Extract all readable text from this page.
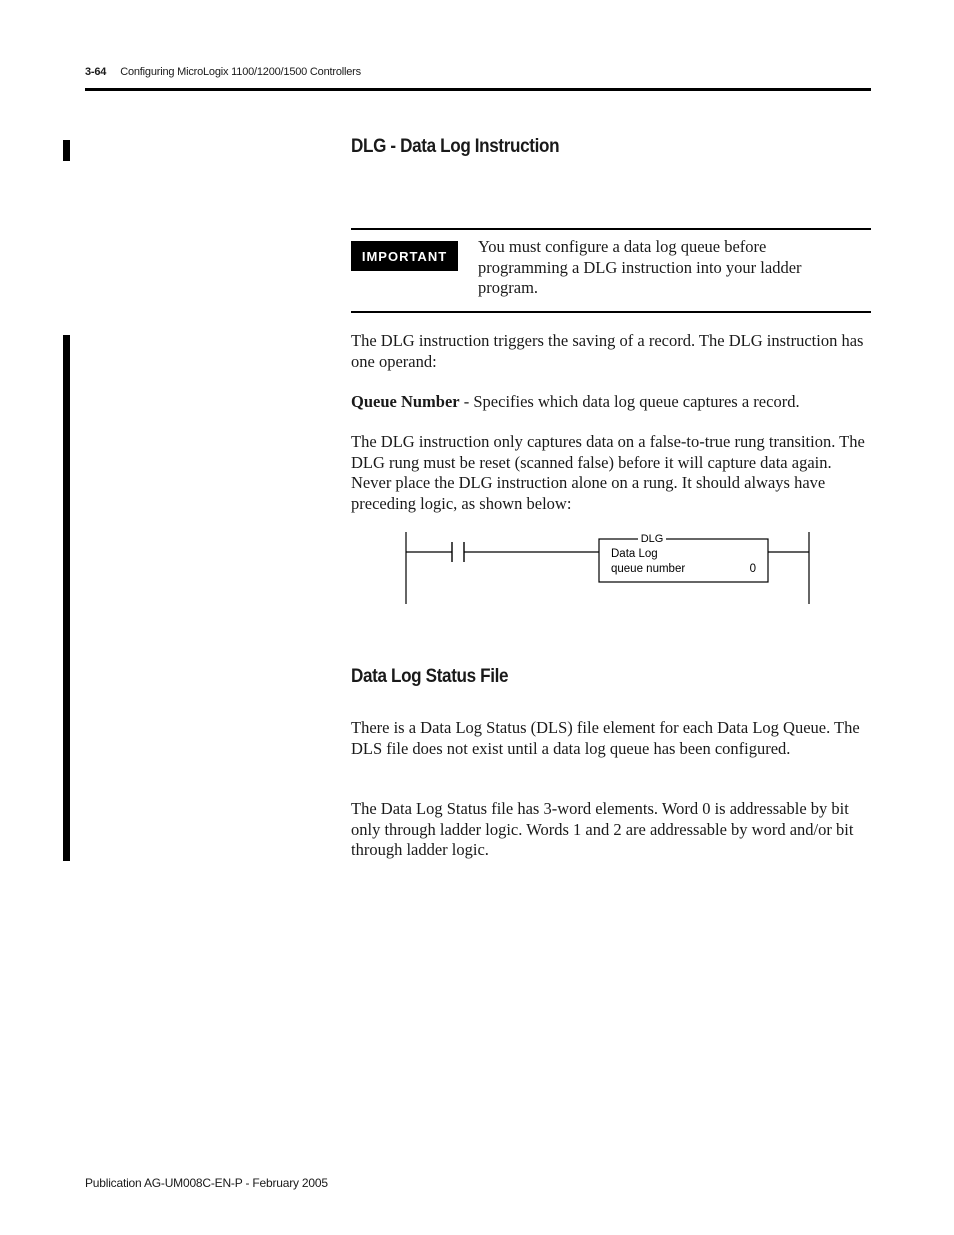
3-64 Configuring MicroLogix 1100/1200/1500 Controllers
DLG - Data Log Instruction
IMPORTANT	You must configure a data log queue before programming a DLG instruction into your ladder program.
The DLG instruction triggers the saving of a record. The DLG instruction has one operand:
Queue Number - Specifies which data log queue captures a record.
The DLG instruction only captures data on a false-to-true rung transition. The DLG rung must be reset (scanned false) before it will capture data again. Never place the DLG instruction alone on a rung. It should always have preceding logic, as shown below:
DLG
Data Log
queue number	0
Data Log Status File
There is a Data Log Status (DLS) file element for each Data Log Queue. The DLS file does not exist until a data log queue has been configured.
The Data Log Status file has 3-word elements. Word 0 is addressable by bit only through ladder logic. Words 1 and 2 are addressable by word and/or bit through ladder logic.
Publication AG-UM008C-EN-P - February 2005
